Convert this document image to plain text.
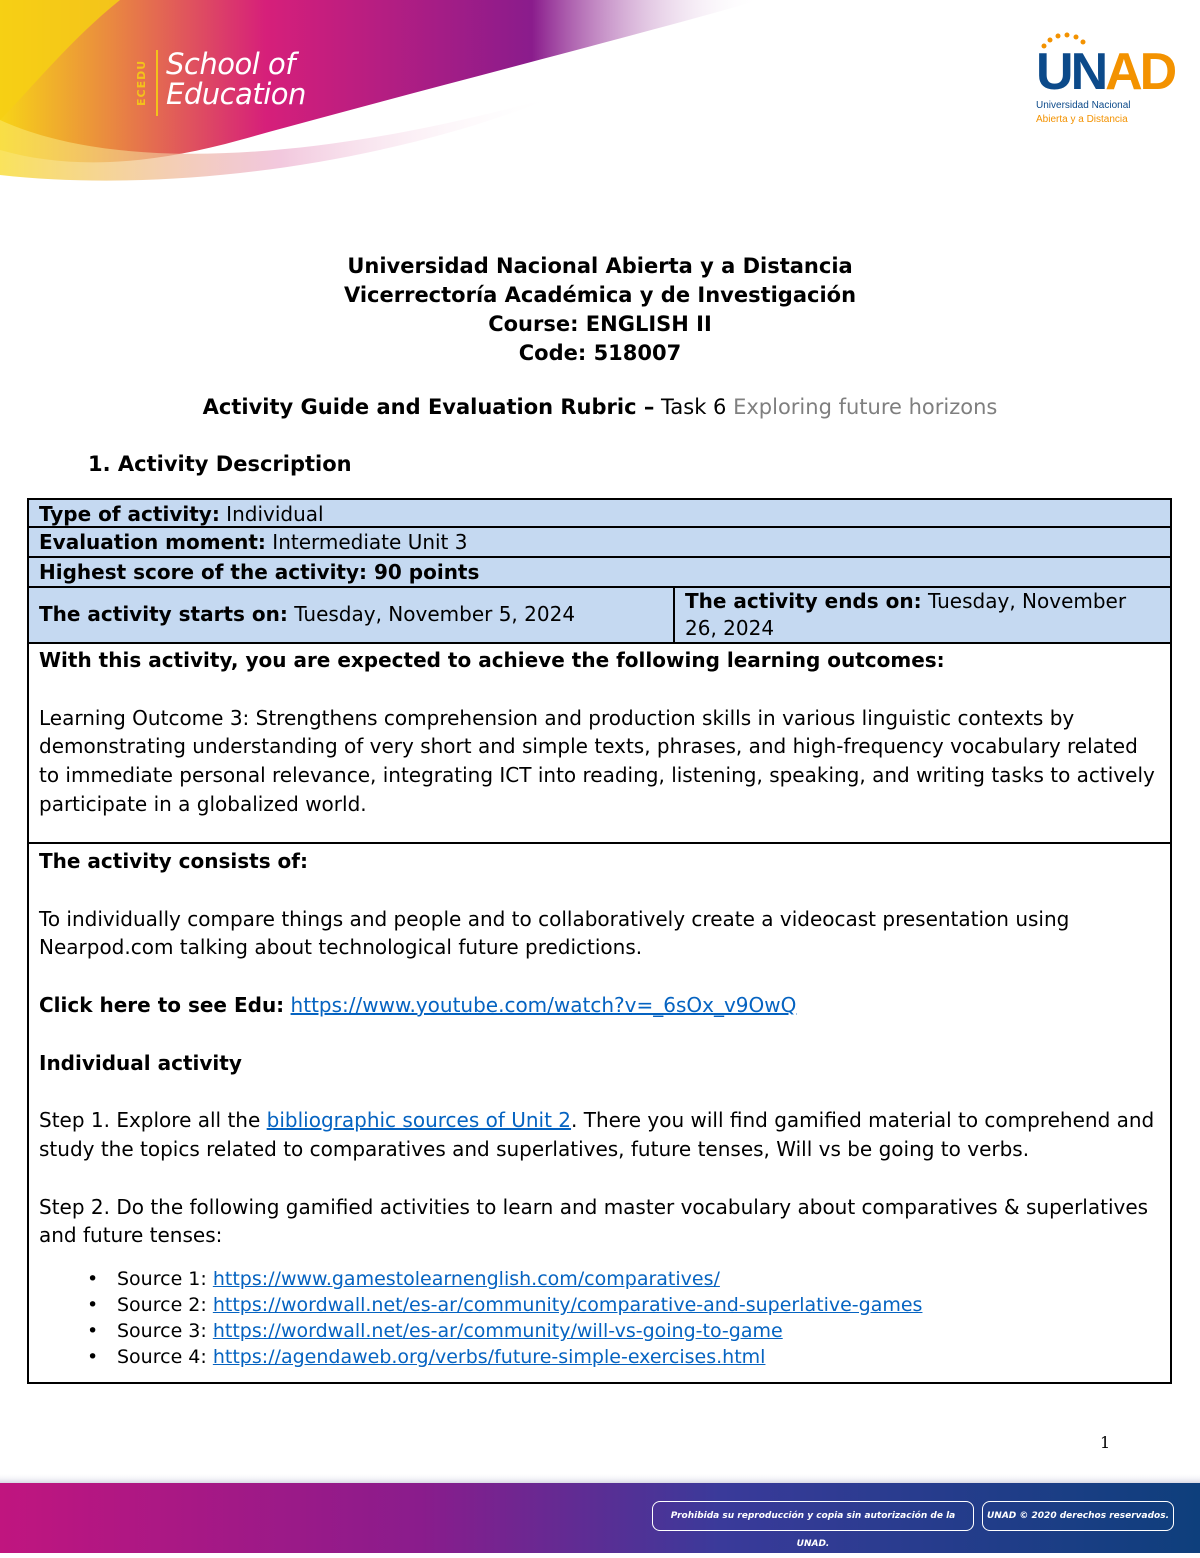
ECEDU School of
Education	UNAD
Universidad Nacional
Abierta y a Distancia
Universidad Nacional Abierta y a Distancia
Vicerrectoría Académica y de Investigación
Course: ENGLISH II
Code: 518007
Activity Guide and Evaluation Rubric – Task 6 Exploring future horizons
1. Activity Description
Type of activity: Individual
Evaluation moment: Intermediate Unit 3
Highest score of the activity: 90 points
The activity starts on: Tuesday, November 5, 2024
The activity ends on: Tuesday, November 26, 2024

With this activity, you are expected to achieve the following learning outcomes:

Learning Outcome 3: Strengthens comprehension and production skills in various linguistic contexts by demonstrating understanding of very short and simple texts, phrases, and high-frequency vocabulary related to immediate personal relevance, integrating ICT into reading, listening, speaking, and writing tasks to actively participate in a globalized world.

The activity consists of:

To individually compare things and people and to collaboratively create a videocast presentation using Nearpod.com talking about technological future predictions.

Click here to see Edu: https://www.youtube.com/watch?v=_6sOx_v9OwQ

Individual activity

Step 1. Explore all the bibliographic sources of Unit 2. There you will find gamified material to comprehend and study the topics related to comparatives and superlatives, future tenses, Will vs be going to verbs.

Step 2. Do the following gamified activities to learn and master vocabulary about comparatives & superlatives and future tenses:

• Source 1: https://www.gamestolearnenglish.com/comparatives/
• Source 2: https://wordwall.net/es-ar/community/comparative-and-superlative-games
• Source 3: https://wordwall.net/es-ar/community/will-vs-going-to-game
• Source 4: https://agendaweb.org/verbs/future-simple-exercises.html
1
Prohibida su reproducción y copia sin autorización de la UNAD.
UNAD © 2020 derechos reservados.
